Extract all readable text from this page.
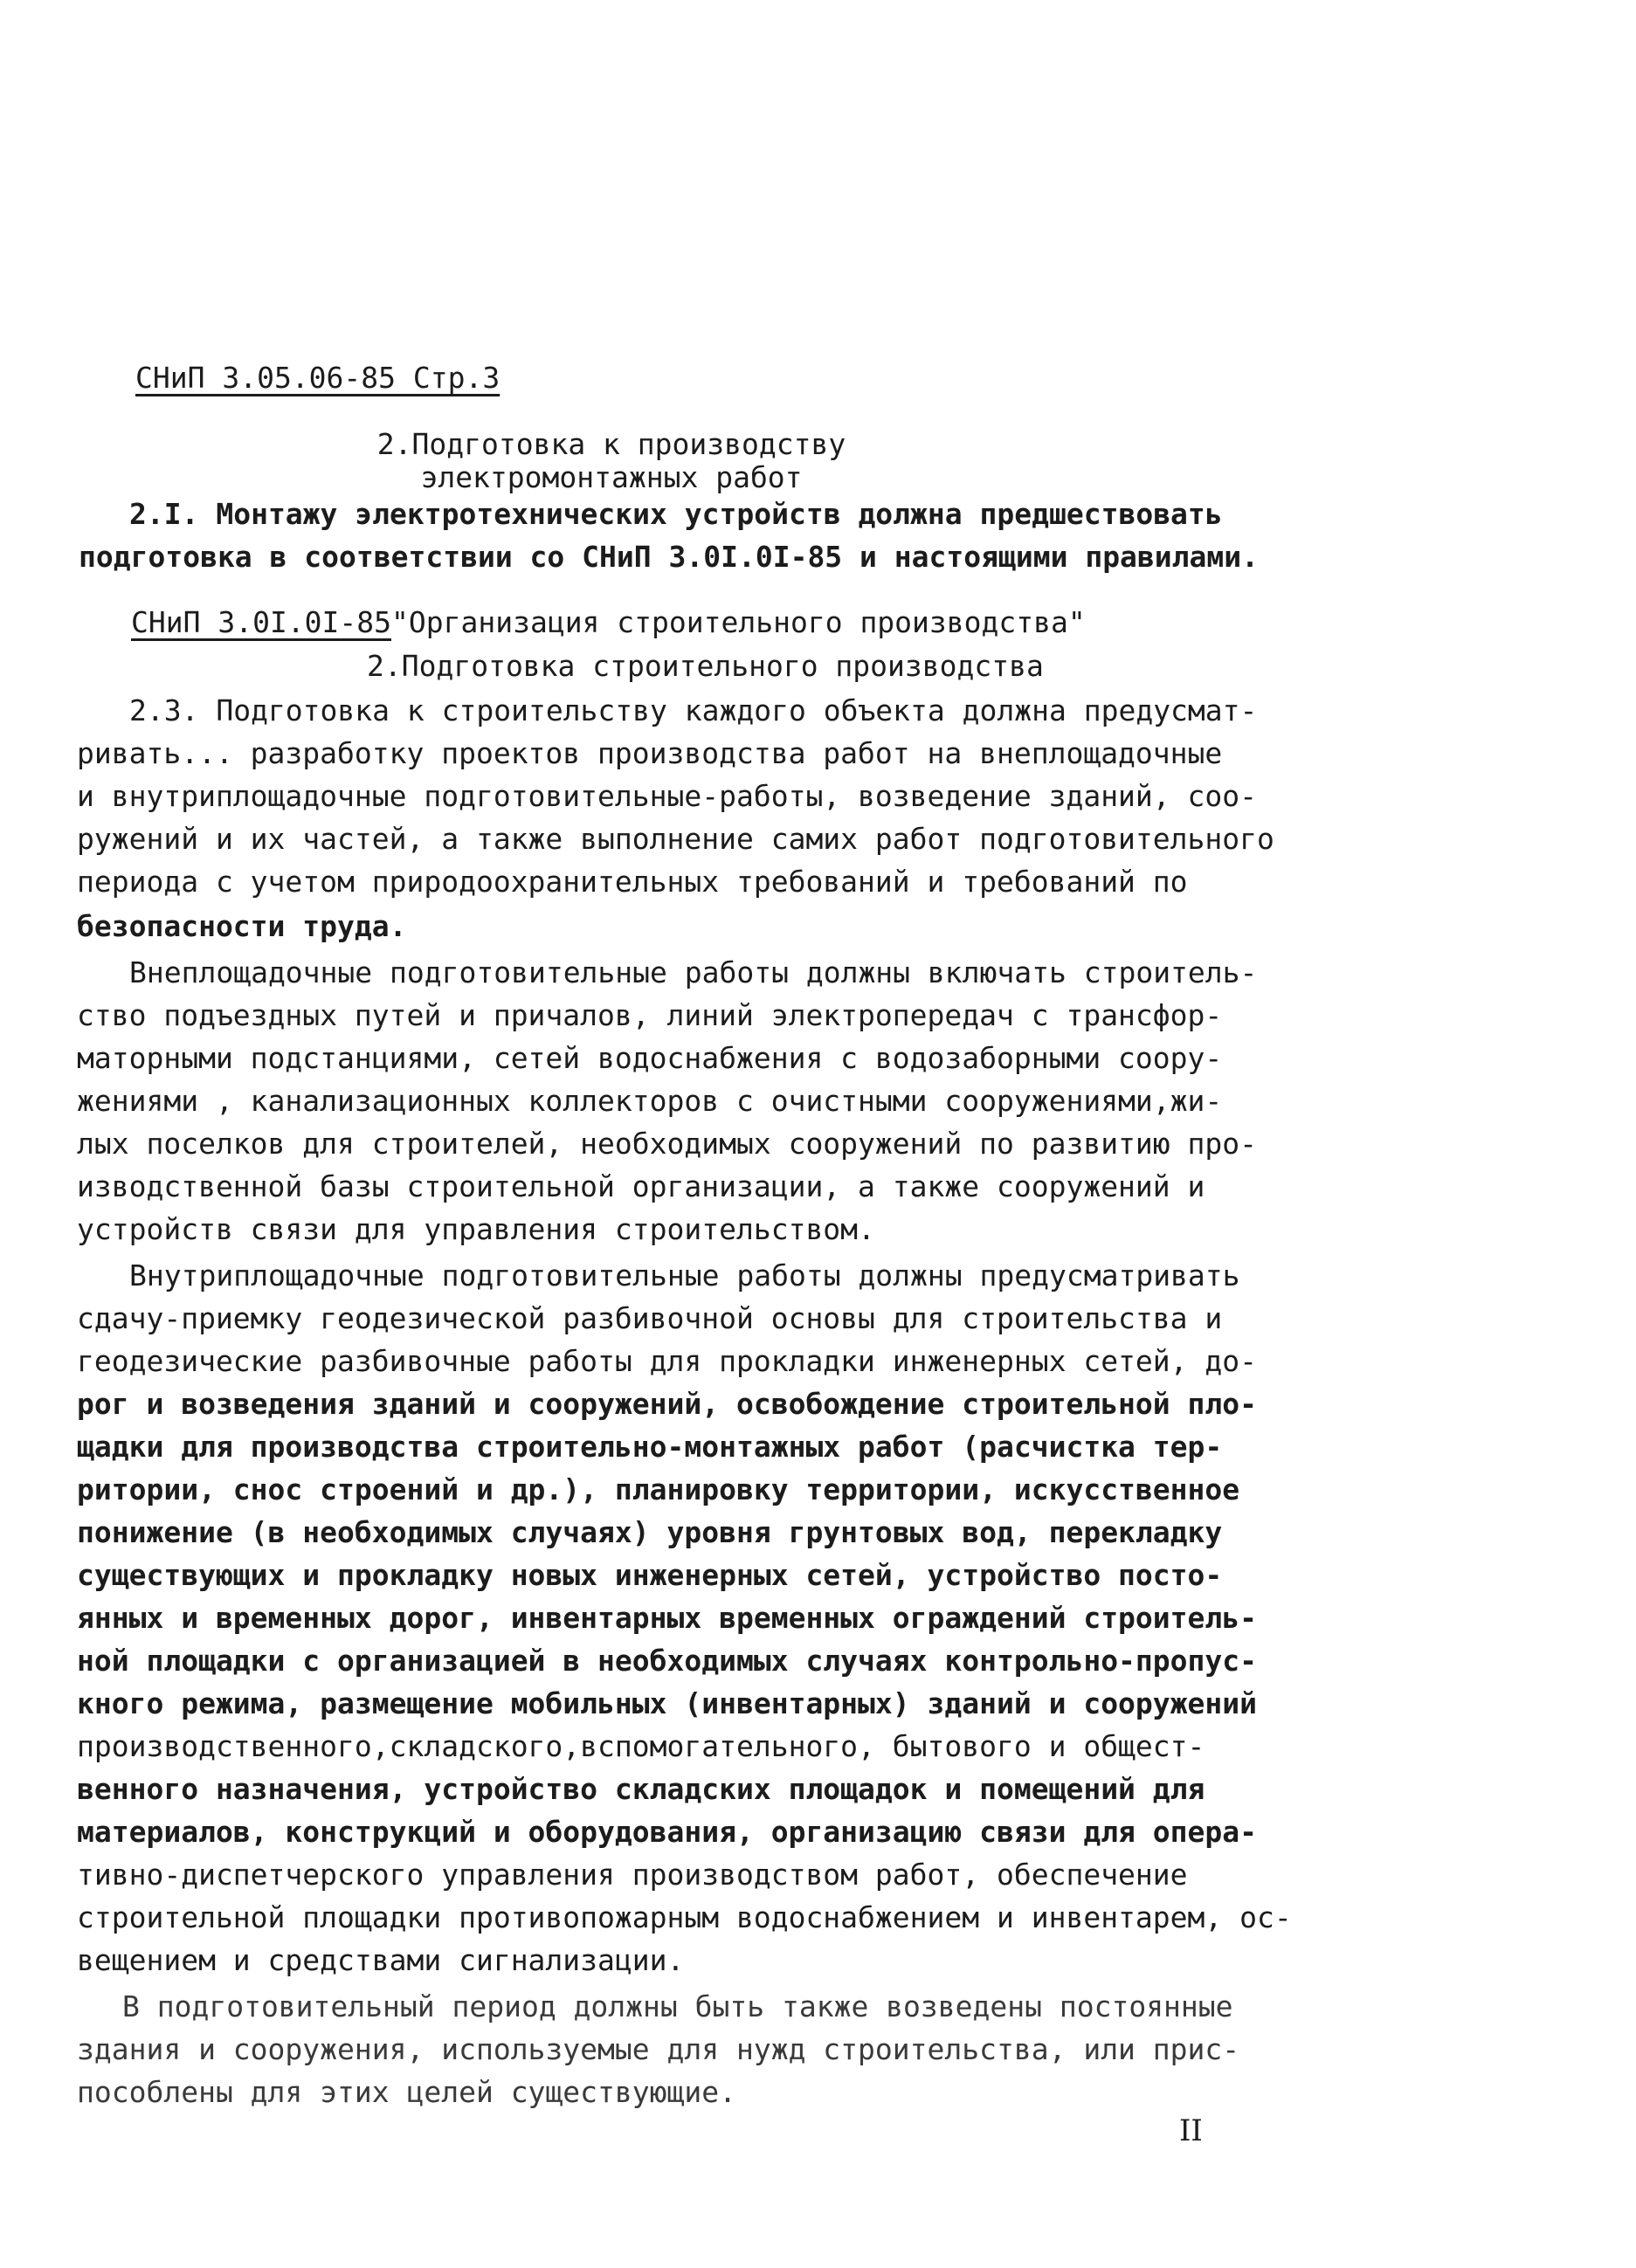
СНиП 3.05.06-85 Стр.3
2.Подготовка к производству
электромонтажных работ
2.I. Монтажу электротехнических устройств должна предшествовать
подготовка в соответствии со СНиП 3.0I.0I-85 и настоящими правилами.
СНиП 3.0I.0I-85"Организация строительного производства"
2.Подготовка строительного производства
2.3. Подготовка к строительству каждого объекта должна предусмат-
ривать... разработку проектов производства работ на внеплощадочные
и внутриплощадочные подготовительные-работы, возведение зданий, соо-
ружений и их частей, а также выполнение самих работ подготовительного
периода с учетом природоохранительных требований и требований по
безопасности труда.
Внеплощадочные подготовительные работы должны включать строитель-
ство подъездных путей и причалов, линий электропередач с трансфор-
маторными подстанциями, сетей водоснабжения с водозаборными соору-
жениями , канализационных коллекторов с очистными сооружениями,жи-
лых поселков для строителей, необходимых сооружений по развитию про-
изводственной базы строительной организации, а также сооружений и
устройств связи для управления строительством.
Внутриплощадочные подготовительные работы должны предусматривать
сдачу-приемку геодезической разбивочной основы для строительства и
геодезические разбивочные работы для прокладки инженерных сетей, до-
рог и возведения зданий и сооружений, освобождение строительной пло-
щадки для производства строительно-монтажных работ (расчистка тер-
ритории, снос строений и др.), планировку территории, искусственное
понижение (в необходимых случаях) уровня грунтовых вод, перекладку
существующих и прокладку новых инженерных сетей, устройство посто-
янных и временных дорог, инвентарных временных ограждений строитель-
ной площадки с организацией в необходимых случаях контрольно-пропус-
кного режима, размещение мобильных (инвентарных) зданий и сооружений
производственного,складского,вспомогательного, бытового и общест-
венного назначения, устройство складских площадок и помещений для
материалов, конструкций и оборудования, организацию связи для опера-
тивно-диспетчерского управления производством работ, обеспечение
строительной площадки противопожарным водоснабжением и инвентарем, ос-
вещением и средствами сигнализации.
В подготовительный период должны быть также возведены постоянные
здания и сооружения, используемые для нужд строительства, или прис-
пособлены для этих целей существующие.
II
